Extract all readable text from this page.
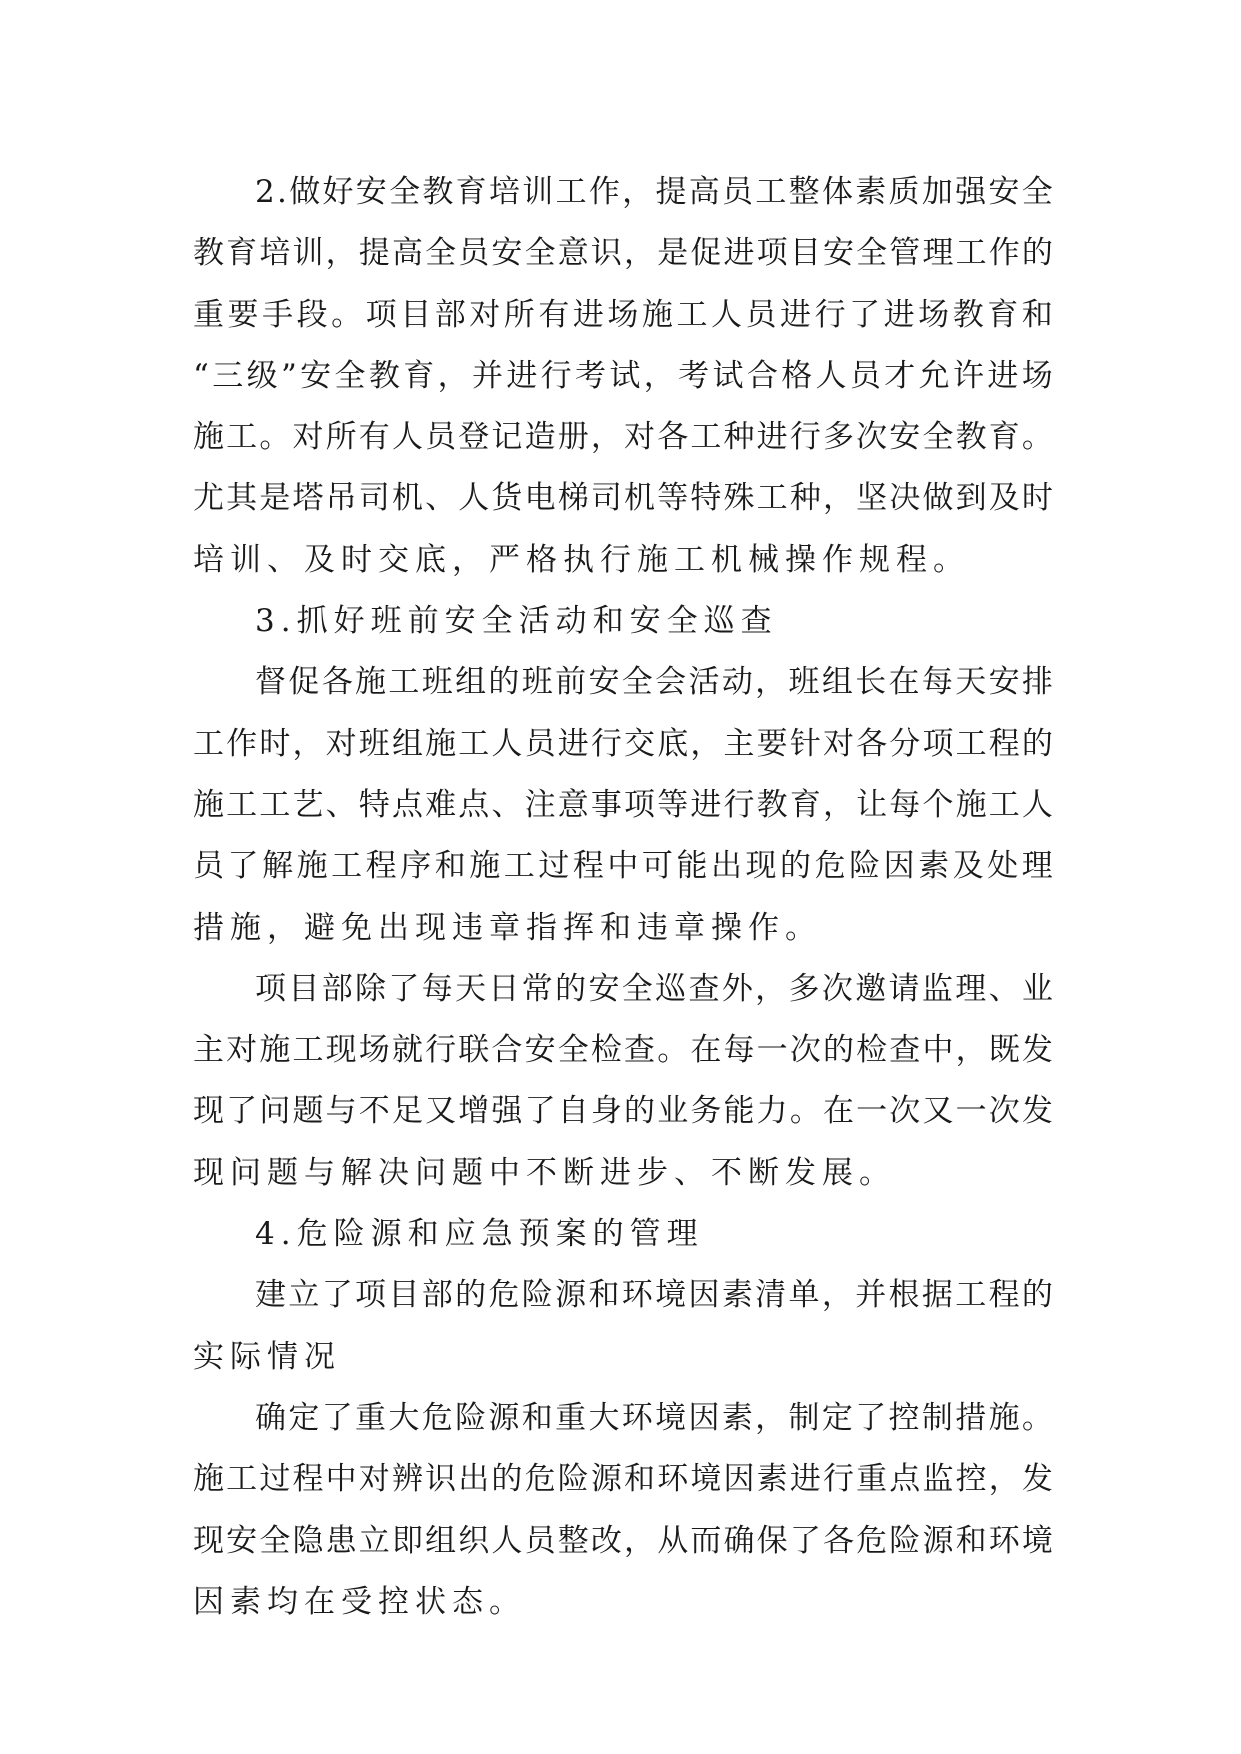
2 . 做 好 安 全 教 育 培 训 工 作 ， 提 高 员 工 整 体 素 质 加 强 安 全
教 育 培 训 ， 提 高 全 员 安 全 意 识 ， 是 促 进 项 目 安 全 管 理 工 作 的
重 要 手 段 。 项 目 部 对 所 有 进 场 施 工 人 员 进 行 了 进 场 教 育 和
“ 三 级 ” 安 全 教 育 ， 并 进 行 考 试 ， 考 试 合 格 人 员 才 允 许 进 场
施 工 。 对 所 有 人 员 登 记 造 册 ， 对 各 工 种 进 行 多 次 安 全 教 育 。
尤 其 是 塔 吊 司 机 、 人 货 电 梯 司 机 等 特 殊 工 种 ， 坚 决 做 到 及 时
培训、及时交底，严格执行施工机械操作规程。
3.抓好班前安全活动和安全巡查
督 促 各 施 工 班 组 的 班 前 安 全 会 活 动 ， 班 组 长 在 每 天 安 排
工 作 时 ， 对 班 组 施 工 人 员 进 行 交 底 ， 主 要 针 对 各 分 项 工 程 的
施 工 工 艺 、 特 点 难 点 、 注 意 事 项 等 进 行 教 育 ， 让 每 个 施 工 人
员 了 解 施 工 程 序 和 施 工 过 程 中 可 能 出 现 的 危 险 因 素 及 处 理
措施，避免出现违章指挥和违章操作。
项 目 部 除 了 每 天 日 常 的 安 全 巡 查 外 ， 多 次 邀 请 监 理 、 业
主 对 施 工 现 场 就 行 联 合 安 全 检 查 。 在 每 一 次 的 检 查 中 ， 既 发
现 了 问 题 与 不 足 又 增 强 了 自 身 的 业 务 能 力 。 在 一 次 又 一 次 发
现问题与解决问题中不断进步、不断发展。
4.危险源和应急预案的管理
建 立 了 项 目 部 的 危 险 源 和 环 境 因 素 清 单 ， 并 根 据 工 程 的
实际情况
确 定 了 重 大 危 险 源 和 重 大 环 境 因 素 ， 制 定 了 控 制 措 施 。
施 工 过 程 中 对 辨 识 出 的 危 险 源 和 环 境 因 素 进 行 重 点 监 控 ， 发
现 安 全 隐 患 立 即 组 织 人 员 整 改 ， 从 而 确 保 了 各 危 险 源 和 环 境
因素均在受控状态。
